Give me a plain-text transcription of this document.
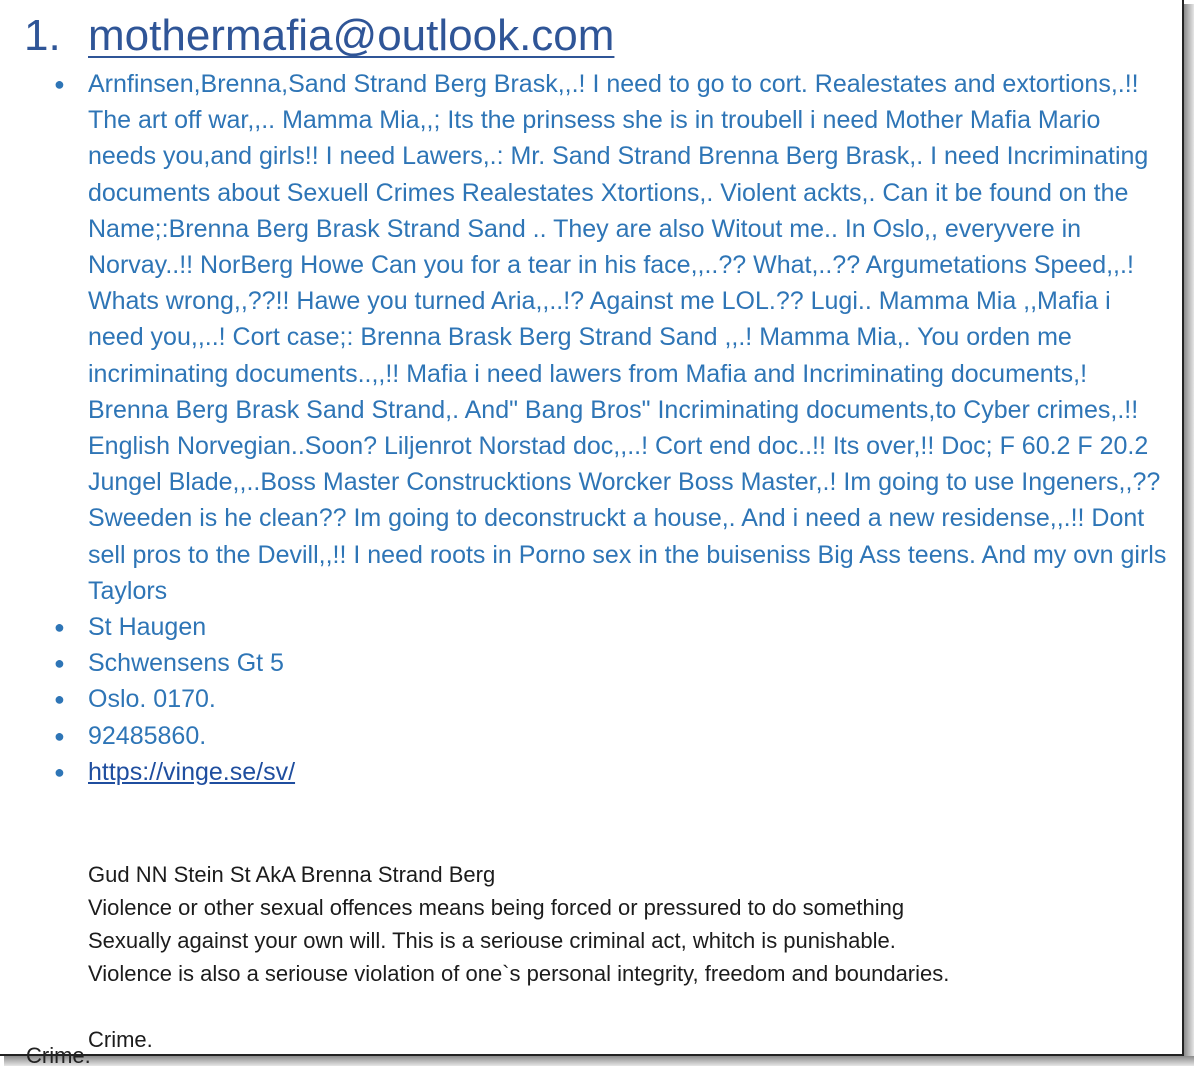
1. mothermafia@outlook.com
● Arnfinsen,Brenna,Sand Strand Berg Brask,,.! I need to go to cort. Realestates and extortions,.!! The art off war,,.. Mamma Mia,,; Its the prinsess she is in troubell i need Mother Mafia Mario needs you,and girls!! I need Lawers,.: Mr. Sand Strand Brenna Berg Brask,. I need Incriminating documents about Sexuell Crimes Realestates Xtortions,. Violent ackts,. Can it be found on the Name;:Brenna Berg Brask Strand Sand .. They are also Witout me.. In Oslo,, everyvere in Norvay..!! NorBerg Howe Can you for a tear in his face,,..?? What,..?? Argumetations Speed,,.! Whats wrong,,??!! Hawe you turned Aria,,..!? Against me LOL.?? Lugi.. Mamma Mia ,,Mafia i need you,,..! Cort case;: Brenna Brask Berg Strand Sand ,,.! Mamma Mia,. You orden me incriminating documents..,,!! Mafia i need lawers from Mafia and Incriminating documents,! Brenna Berg Brask Sand Strand,. And" Bang Bros" Incriminating documents,to Cyber crimes,.!! English Norvegian..Soon? Liljenrot Norstad doc,,..! Cort end doc..!! Its over,!! Doc; F 60.2 F 20.2 Jungel Blade,,..Boss Master Construcktions Worcker Boss Master,.! Im going to use Ingeners,,?? Sweeden is he clean?? Im going to deconstruckt a house,. And i need a new residense,,.!! Dont sell pros to the Devill,,!! I need roots in Porno sex in the buiseniss Big Ass teens. And my ovn girls Taylors
● St Haugen
● Schwensens Gt 5
● Oslo. 0170.
● 92485860.
● https://vinge.se/sv/

Gud NN Stein St AkA Brenna Strand Berg

Violence or other sexual offences means being forced or pressured to do something

Sexually against your own will. This is a seriouse criminal act, whitch is punishable.

Violence is also a seriouse violation of one`s personal integrity, freedom and boundaries.

Crime.

Crime.
